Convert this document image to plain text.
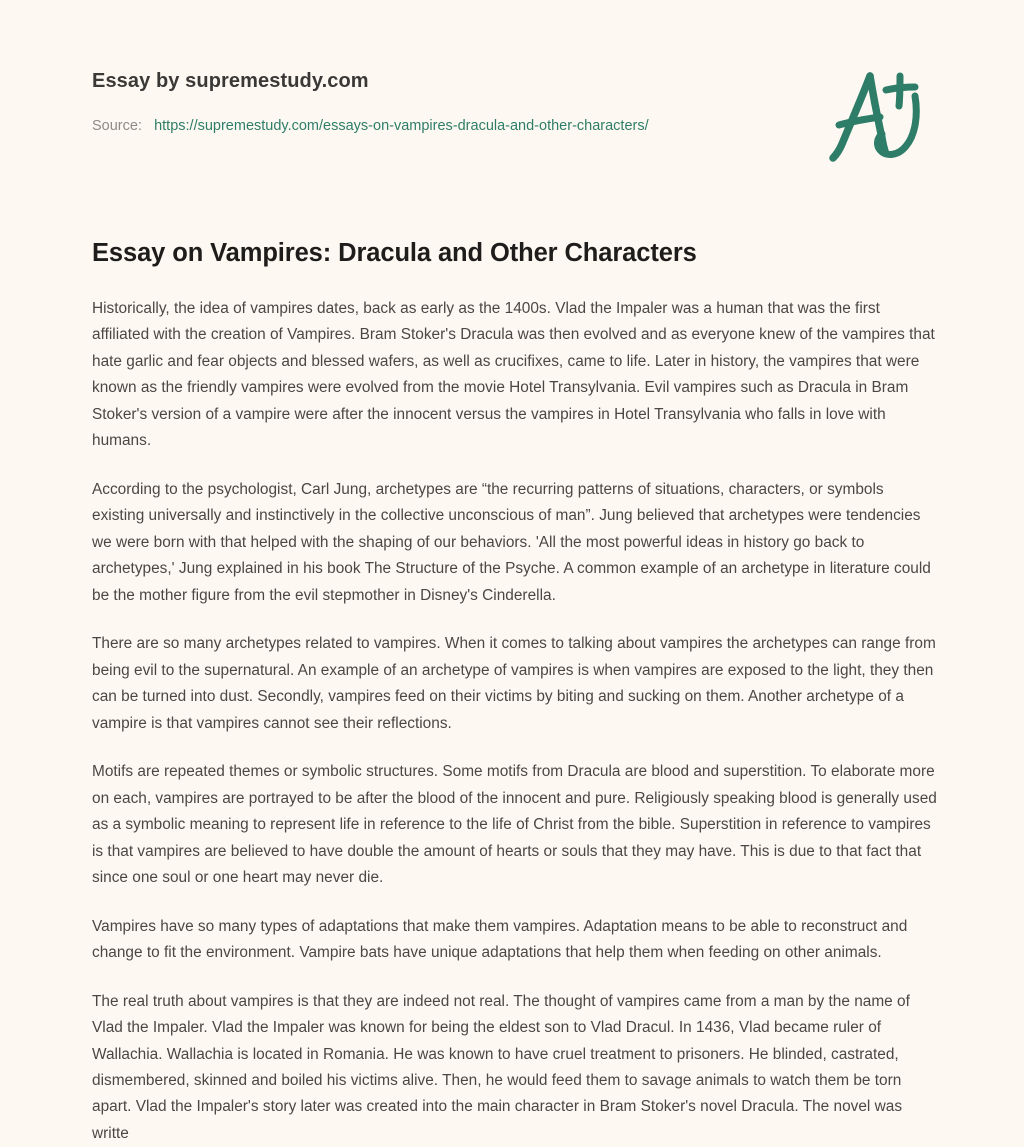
Essay by supremestudy.com
Source: https://supremestudy.com/essays-on-vampires-dracula-and-other-characters/
Essay on Vampires: Dracula and Other Characters

Historically, the idea of vampires dates, back as early as the 1400s. Vlad the Impaler was a human that was the first affiliated with the creation of Vampires. Bram Stoker's Dracula was then evolved and as everyone knew of the vampires that hate garlic and fear objects and blessed wafers, as well as crucifixes, came to life. Later in history, the vampires that were known as the friendly vampires were evolved from the movie Hotel Transylvania. Evil vampires such as Dracula in Bram Stoker's version of a vampire were after the innocent versus the vampires in Hotel Transylvania who falls in love with humans.

According to the psychologist, Carl Jung, archetypes are “the recurring patterns of situations, characters, or symbols existing universally and instinctively in the collective unconscious of man”. Jung believed that archetypes were tendencies we were born with that helped with the shaping of our behaviors. 'All the most powerful ideas in history go back to archetypes,' Jung explained in his book The Structure of the Psyche. A common example of an archetype in literature could be the mother figure from the evil stepmother in Disney's Cinderella.

There are so many archetypes related to vampires. When it comes to talking about vampires the archetypes can range from being evil to the supernatural. An example of an archetype of vampires is when vampires are exposed to the light, they then can be turned into dust. Secondly, vampires feed on their victims by biting and sucking on them. Another archetype of a vampire is that vampires cannot see their reflections.

Motifs are repeated themes or symbolic structures. Some motifs from Dracula are blood and superstition. To elaborate more on each, vampires are portrayed to be after the blood of the innocent and pure. Religiously speaking blood is generally used as a symbolic meaning to represent life in reference to the life of Christ from the bible. Superstition in reference to vampires is that vampires are believed to have double the amount of hearts or souls that they may have. This is due to that fact that since one soul or one heart may never die.

Vampires have so many types of adaptations that make them vampires. Adaptation means to be able to reconstruct and change to fit the environment. Vampire bats have unique adaptations that help them when feeding on other animals.

The real truth about vampires is that they are indeed not real. The thought of vampires came from a man by the name of Vlad the Impaler. Vlad the Impaler was known for being the eldest son to Vlad Dracul. In 1436, Vlad became ruler of Wallachia. Wallachia is located in Romania. He was known to have cruel treatment to prisoners. He blinded, castrated, dismembered, skinned and boiled his victims alive. Then, he would feed them to savage animals to watch them be torn apart. Vlad the Impaler's story later was created into the main character in Bram Stoker's novel Dracula. The novel was writte
